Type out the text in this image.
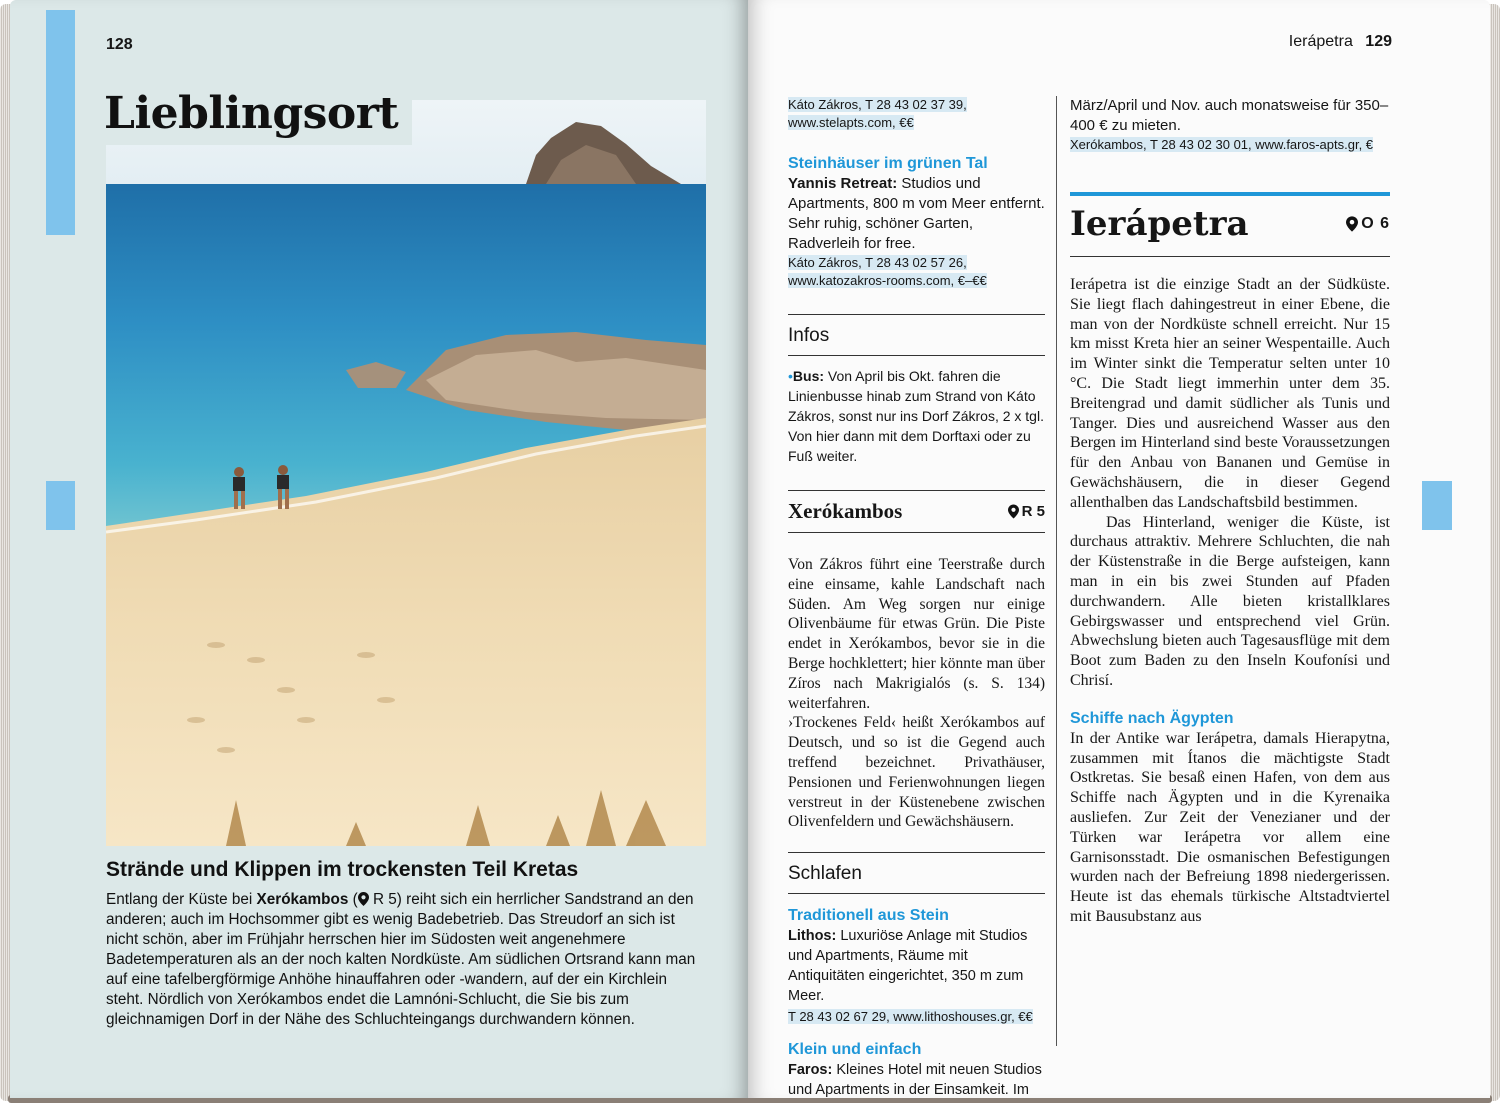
128
Lieblingsort
Strände und Klippen im trockensten Teil Kretas
Entlang der Küste bei Xerókambos ( R 5) reiht sich ein herrlicher Sandstrand an den anderen; auch im Hochsommer gibt es wenig Badebetrieb. Das Streudorf an sich ist nicht schön, aber im Frühjahr herrschen hier im Südosten weit angenehmere Badetemperaturen als an der noch kalten Nordküste. Am südlichen Ortsrand kann man auf eine tafelbergförmige Anhöhe hinauffahren oder -wandern, auf der ein Kirchlein steht. Nördlich von Xerókambos endet die Lamnóni-Schlucht, die Sie bis zum gleichnamigen Dorf in der Nähe des Schluchteingangs durchwandern können.
Ierápetra 129
Káto Zákros, T 28 43 02 37 39, www.stelapts.com, €€
Steinhäuser im grünen Tal
Yannis Retreat: Studios und Apartments, 800 m vom Meer entfernt. Sehr ruhig, schöner Garten, Radverleih for free.
Káto Zákros, T 28 43 02 57 26, www.katozakros-rooms.com, €–€€
Infos
•Bus: Von April bis Okt. fahren die Linienbusse hinab zum Strand von Káto Zákros, sonst nur ins Dorf Zákros, 2 x tgl. Von hier dann mit dem Dorftaxi oder zu Fuß weiter.
Xerókambos	R 5
Von Zákros führt eine Teerstraße durch eine einsame, kahle Landschaft nach Süden. Am Weg sorgen nur einige Olivenbäume für etwas Grün. Die Piste endet in Xerókambos, bevor sie in die Berge hochklettert; hier könnte man über Zíros nach Makrigialós (s. S. 134) weiterfahren.
›Trockenes Feld‹ heißt Xerókambos auf Deutsch, und so ist die Gegend auch treffend bezeichnet. Privathäuser, Pensionen und Ferienwohnungen liegen verstreut in der Küstenebene zwischen Olivenfeldern und Gewächshäusern.
Schlafen
Traditionell aus Stein
Lithos: Luxuriöse Anlage mit Studios und Apartments, Räume mit Antiquitäten eingerichtet, 350 m zum Meer.
T 28 43 02 67 29, www.lithoshouses.gr, €€
Klein und einfach
Faros: Kleines Hotel mit neuen Studios und Apartments in der Einsamkeit. Im
März/April und Nov. auch monatsweise für 350–400 € zu mieten.
Xerókambos, T 28 43 02 30 01, www.faros-apts.gr, €
Ierápetra	O 6
Ierápetra ist die einzige Stadt an der Südküste. Sie liegt flach dahingestreut in einer Ebene, die man von der Nordküste schnell erreicht. Nur 15 km misst Kreta hier an seiner Wespentaille. Auch im Winter sinkt die Temperatur selten unter 10 °C. Die Stadt liegt immerhin unter dem 35. Breitengrad und damit südlicher als Tunis und Tanger. Dies und ausreichend Wasser aus den Bergen im Hinterland sind beste Voraussetzungen für den Anbau von Bananen und Gemüse in Gewächshäusern, die in dieser Gegend allenthalben das Landschaftsbild bestimmen.
Das Hinterland, weniger die Küste, ist durchaus attraktiv. Mehrere Schluchten, die nah der Küstenstraße in die Berge aufsteigen, kann man in ein bis zwei Stunden auf Pfaden durchwandern. Alle bieten kristallklares Gebirgswasser und entsprechend viel Grün. Abwechslung bieten auch Tagesausflüge mit dem Boot zum Baden zu den Inseln Koufonísi und Chrisí.
Schiffe nach Ägypten
In der Antike war Ierápetra, damals Hierapytna, zusammen mit Ítanos die mächtigste Stadt Ostkretas. Sie besaß einen Hafen, von dem aus Schiffe nach Ägypten und in die Kyrenaika ausliefen. Zur Zeit der Venezianer und der Türken war Ierápetra vor allem eine Garnisonsstadt. Die osmanischen Befestigungen wurden nach der Befreiung 1898 niedergerissen. Heute ist das ehemals türkische Altstadtviertel mit Bausubstanz aus
